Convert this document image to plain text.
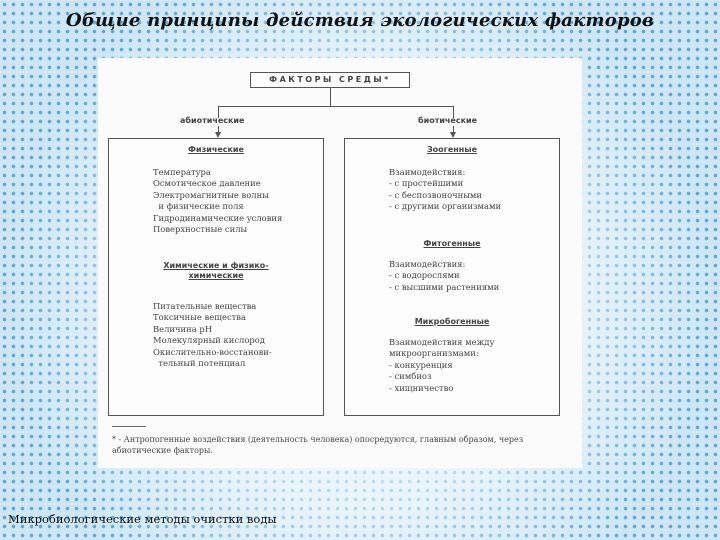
Общие принципы действия экологических факторов
ФАКТОРЫ СРЕДЫ*
абиотические	биотические
Физические
Температура
Осмотическое давление
Электромагнитные волны
и физические поля
Гидродинамические условия
Поверхностные силы
Химические и физико-
химические
Питательные вещества
Токсичные вещества
Величина pH
Молекулярный кислород
Окислительно-восстанови-
тельный потенциал
Зоогенные
Взаимодействия:
- с простейшими
- с беспозвоночными
- с другими организмами
Фитогенные
Взаимодействия:
- с водорослями
- с высшими растениями
Микробогенные
Взаимодействия между
микроорганизмами:
- конкуренция
- симбиоз
- хищничество
* - Антропогенные воздействия (деятельность человека) опосредуются, главным образом, через абиотические факторы.
Микробиологические методы очистки воды
